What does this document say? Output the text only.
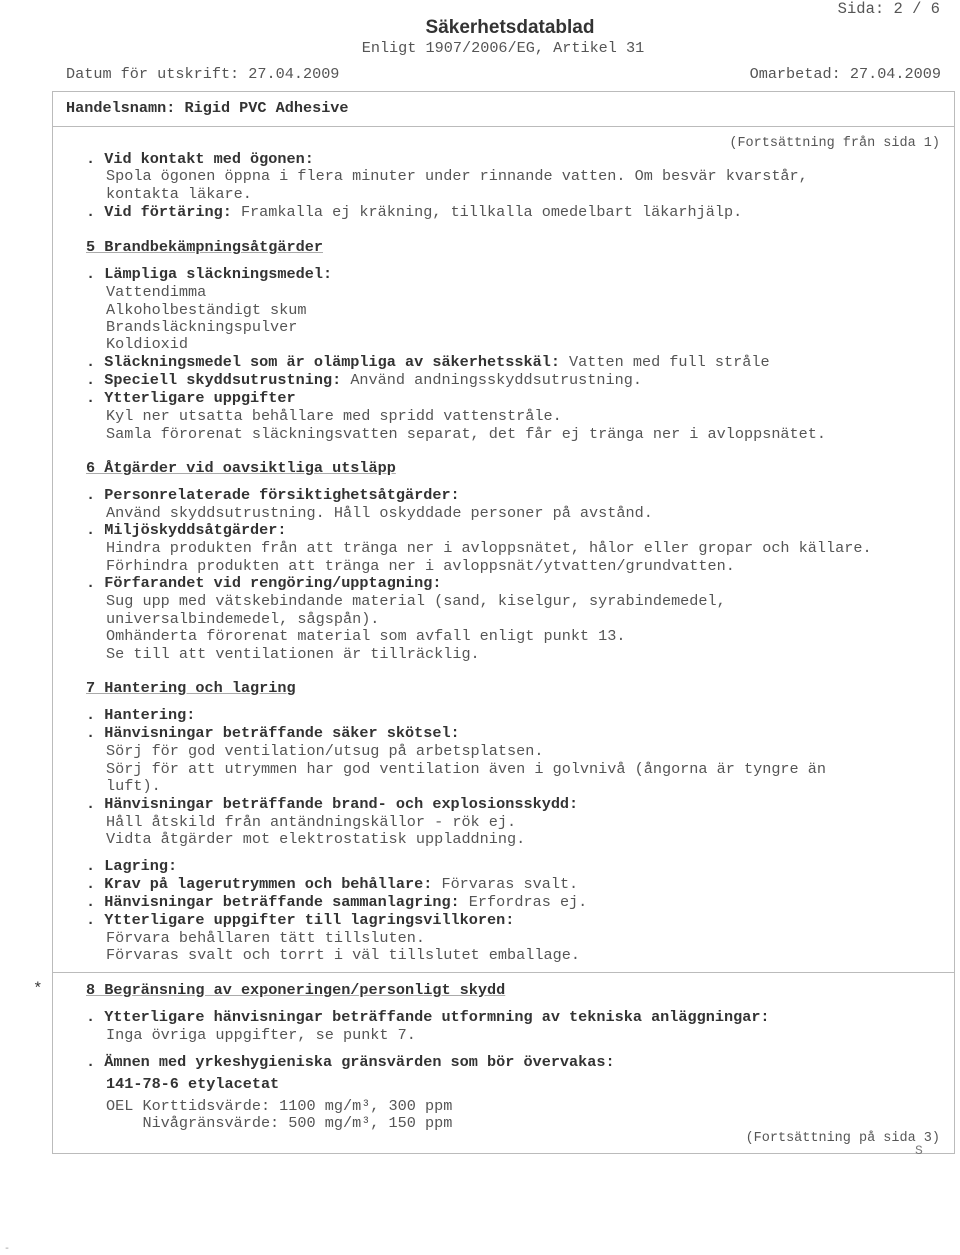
Sida: 2 / 6
Säkerhetsdatablad
Enligt 1907/2006/EG, Artikel 31
Datum för utskrift: 27.04.2009	Omarbetad: 27.04.2009
Handelsnamn: Rigid PVC Adhesive
(Fortsättning från sida 1)
. Vid kontakt med ögonen:
Spola ögonen öppna i flera minuter under rinnande vatten. Om besvär kvarstår,
kontakta läkare.
. Vid förtäring: Framkalla ej kräkning, tillkalla omedelbart läkarhjälp.
5 Brandbekämpningsåtgärder
. Lämpliga släckningsmedel:
Vattendimma
Alkoholbeständigt skum
Brandsläckningspulver
Koldioxid
. Släckningsmedel som är olämpliga av säkerhetsskäl: Vatten med full stråle
. Speciell skyddsutrustning: Använd andningsskyddsutrustning.
. Ytterligare uppgifter
Kyl ner utsatta behållare med spridd vattenstråle.
Samla förorenat släckningsvatten separat, det får ej tränga ner i avloppsnätet.
6 Åtgärder vid oavsiktliga utsläpp
. Personrelaterade försiktighetsåtgärder:
Använd skyddsutrustning. Håll oskyddade personer på avstånd.
. Miljöskyddsåtgärder:
Hindra produkten från att tränga ner i avloppsnätet, hålor eller gropar och källare.
Förhindra produkten att tränga ner i avloppsnät/ytvatten/grundvatten.
. Förfarandet vid rengöring/upptagning:
Sug upp med vätskebindande material (sand, kiselgur, syrabindemedel,
universalbindemedel, sågspån).
Omhänderta förorenat material som avfall enligt punkt 13.
Se till att ventilationen är tillräcklig.
7 Hantering och lagring
. Hantering:
. Hänvisningar beträffande säker skötsel:
Sörj för god ventilation/utsug på arbetsplatsen.
Sörj för att utrymmen har god ventilation även i golvnivå (ångorna är tyngre än
luft).
. Hänvisningar beträffande brand- och explosionsskydd:
Håll åtskild från antändningskällor - rök ej.
Vidta åtgärder mot elektrostatisk uppladdning.
. Lagring:
. Krav på lagerutrymmen och behållare: Förvaras svalt.
. Hänvisningar beträffande sammanlagring: Erfordras ej.
. Ytterligare uppgifter till lagringsvillkoren:
Förvara behållaren tätt tillsluten.
Förvaras svalt och torrt i väl tillslutet emballage.
*	8 Begränsning av exponeringen/personligt skydd
. Ytterligare hänvisningar beträffande utformning av tekniska anläggningar:
Inga övriga uppgifter, se punkt 7.
. Ämnen med yrkeshygieniska gränsvärden som bör övervakas:
141-78-6 etylacetat
OEL Korttidsvärde: 1100 mg/m³, 300 ppm
Nivågränsvärde: 500 mg/m³, 150 ppm
(Fortsättning på sida 3)
S
-
